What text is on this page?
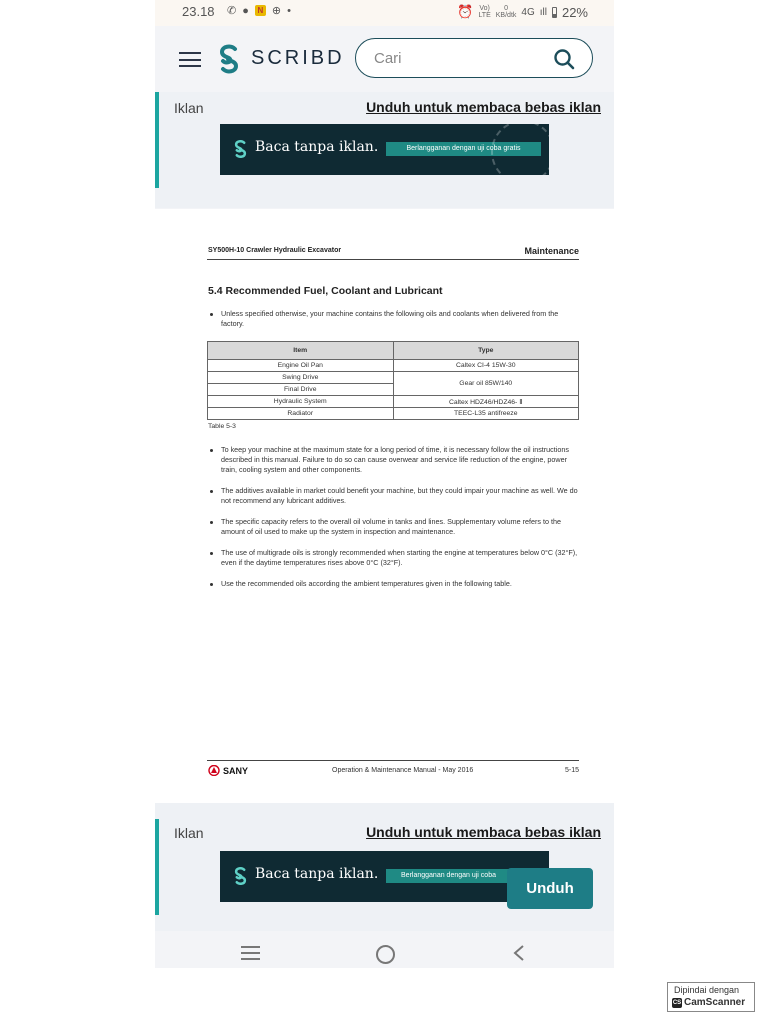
23.18 ✆ ●	N ⊕ •	⏰ Vo)
LTE
0
KB/dtk 4G ıll 22%
SCRIBD Cari
Iklan	Unduh untuk membaca bebas iklan
Baca tanpa iklan.	Berlangganan dengan uji coba gratis
SY500H-10 Crawler Hydraulic Excavator	Maintenance
5.4 Recommended Fuel, Coolant and Lubricant
Unless specified otherwise, your machine contains the following oils and coolants when delivered from the factory.
Item	Type
Engine Oil Pan	Caltex CI-4 15W-30
Swing Drive	Gear oil 85W/140
Final Drive	
Hydraulic System	Caltex HDZ46/HDZ46- Ⅱ
Radiator	TEEC-L35 antifreeze
Table 5-3
To keep your machine at the maximum state for a long period of time, it is necessary follow the oil instructions described in this manual. Failure to do so can cause overwear and service life reduction of the engine, power train, cooling system and other components.
The additives available in market could benefit your machine, but they could impair your machine as well. We do not recommend any lubricant additives.
The specific capacity refers to the overall oil volume in tanks and lines. Supplementary volume refers to the amount of oil used to make up the system in inspection and maintenance.
The use of multigrade oils is strongly recommended when starting the engine at temperatures below 0°C (32°F), even if the daytime temperatures rises above 0°C (32°F).
Use the recommended oils according the ambient temperatures given in the following table.
SANY	Operation & Maintenance Manual - May 2016	5-15
Iklan	Unduh untuk membaca bebas iklan
Baca tanpa iklan.	Berlangganan dengan uji coba
Unduh
Dipindai dengan
CS CamScanner
